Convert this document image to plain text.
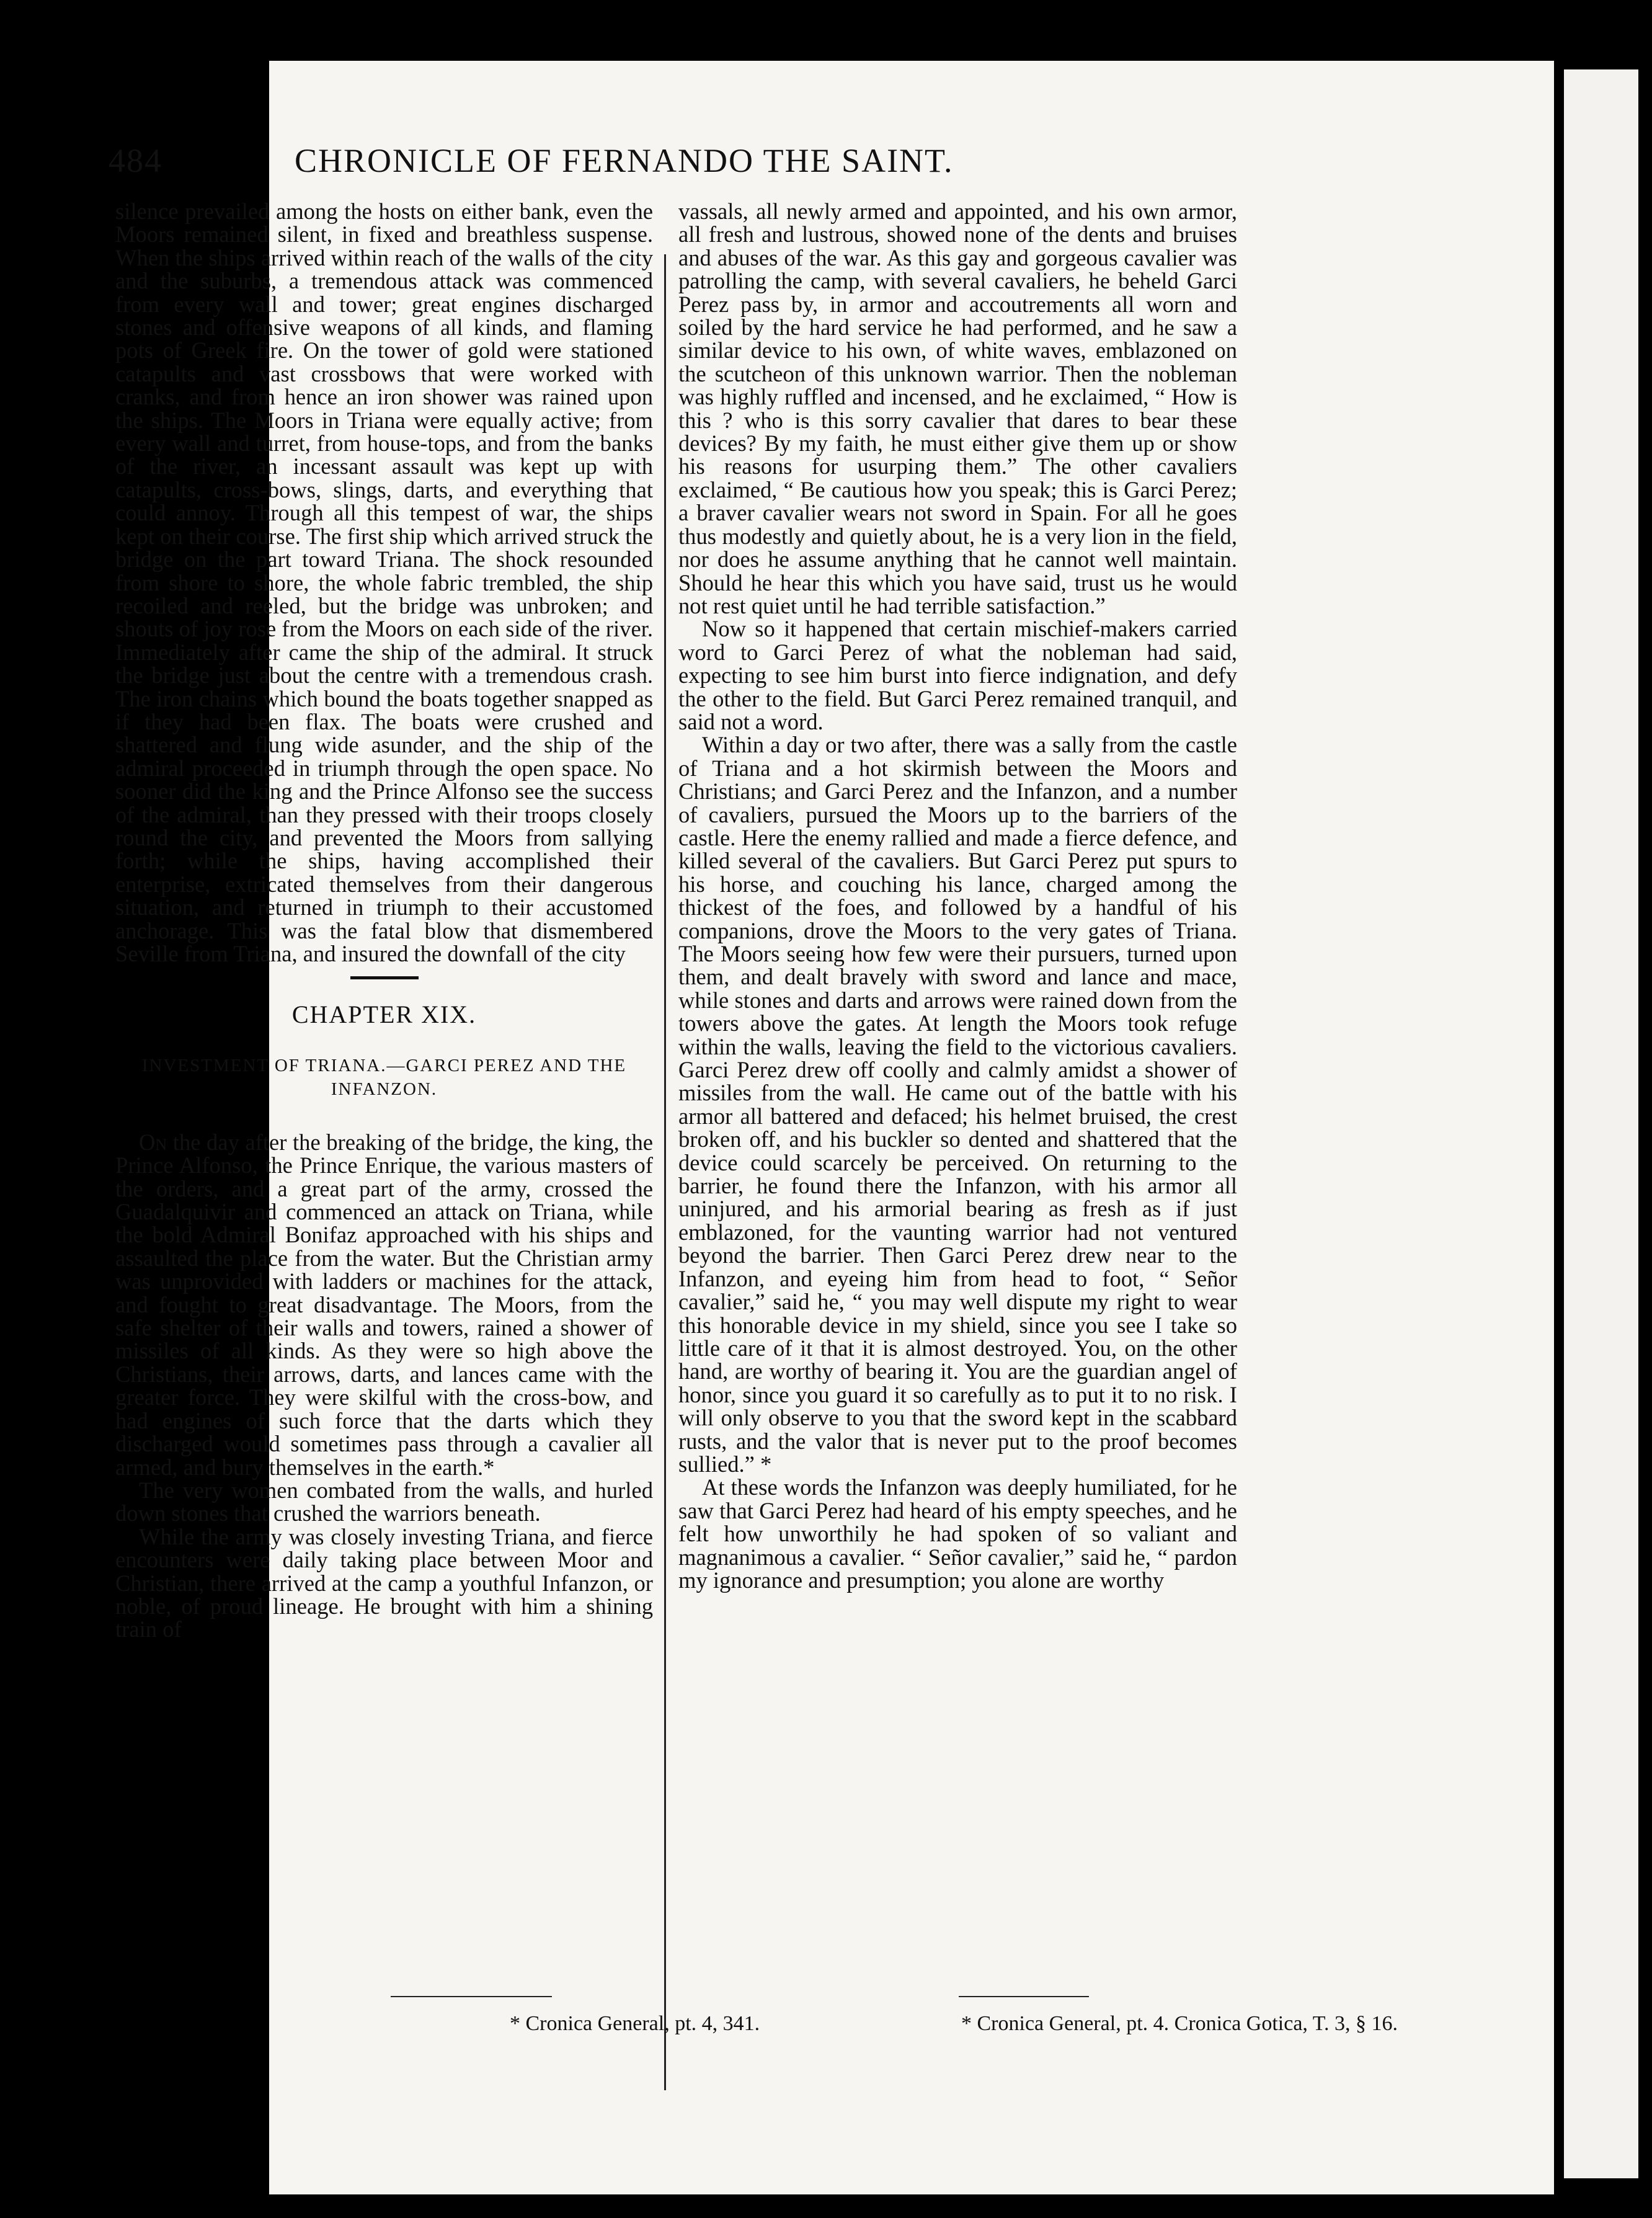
484	CHRONICLE OF FERNANDO THE SAINT.

silence prevailed among the hosts on either bank, even the Moors remained silent, in fixed and breathless suspense. When the ships arrived within reach of the walls of the city and the suburbs, a tremendous attack was commenced from every wall and tower; great engines discharged stones and offensive weapons of all kinds, and flaming pots of Greek fire. On the tower of gold were stationed catapults and vast crossbows that were worked with cranks, and from hence an iron shower was rained upon the ships. The Moors in Triana were equally active; from every wall and turret, from house-tops, and from the banks of the river, an incessant assault was kept up with catapults, cross-bows, slings, darts, and everything that could annoy. Through all this tempest of war, the ships kept on their course. The first ship which arrived struck the bridge on the part toward Triana. The shock resounded from shore to shore, the whole fabric trembled, the ship recoiled and reeled, but the bridge was unbroken; and shouts of joy rose from the Moors on each side of the river. Immediately after came the ship of the admiral. It struck the bridge just about the centre with a tremendous crash. The iron chains which bound the boats together snapped as if they had been flax. The boats were crushed and shattered and flung wide asunder, and the ship of the admiral proceeded in triumph through the open space. No sooner did the king and the Prince Alfonso see the success of the admiral, than they pressed with their troops closely round the city, and prevented the Moors from sallying forth; while the ships, having accomplished their enterprise, extricated themselves from their dangerous situation, and returned in triumph to their accustomed anchorage. This was the fatal blow that dismembered Seville from Triana, and insured the downfall of the city

CHAPTER XIX.
INVESTMENT OF TRIANA.—GARCI PEREZ AND THE INFANZON.

On the day after the breaking of the bridge, the king, the Prince Alfonso, the Prince Enrique, the various masters of the orders, and a great part of the army, crossed the Guadalquivir and commenced an attack on Triana, while the bold Admiral Bonifaz approached with his ships and assaulted the place from the water. But the Christian army was unprovided with ladders or machines for the attack, and fought to great disadvantage. The Moors, from the safe shelter of their walls and towers, rained a shower of missiles of all kinds. As they were so high above the Christians, their arrows, darts, and lances came with the greater force. They were skilful with the cross-bow, and had engines of such force that the darts which they discharged would sometimes pass through a cavalier all armed, and bury themselves in the earth.*

The very women combated from the walls, and hurled down stones that crushed the warriors beneath.

While the army was closely investing Triana, and fierce encounters were daily taking place between Moor and Christian, there arrived at the camp a youthful Infanzon, or noble, of proud lineage. He brought with him a shining train of

vassals, all newly armed and appointed, and his own armor, all fresh and lustrous, showed none of the dents and bruises and abuses of the war. As this gay and gorgeous cavalier was patrolling the camp, with several cavaliers, he beheld Garci Perez pass by, in armor and accoutrements all worn and soiled by the hard service he had performed, and he saw a similar device to his own, of white waves, emblazoned on the scutcheon of this unknown warrior. Then the nobleman was highly ruffled and incensed, and he exclaimed, “ How is this ? who is this sorry cavalier that dares to bear these devices? By my faith, he must either give them up or show his reasons for usurping them.” The other cavaliers exclaimed, “ Be cautious how you speak; this is Garci Perez; a braver cavalier wears not sword in Spain. For all he goes thus modestly and quietly about, he is a very lion in the field, nor does he assume anything that he cannot well maintain. Should he hear this which you have said, trust us he would not rest quiet until he had terrible satisfaction.”

Now so it happened that certain mischief-makers carried word to Garci Perez of what the nobleman had said, expecting to see him burst into fierce indignation, and defy the other to the field. But Garci Perez remained tranquil, and said not a word.

Within a day or two after, there was a sally from the castle of Triana and a hot skirmish between the Moors and Christians; and Garci Perez and the Infanzon, and a number of cavaliers, pursued the Moors up to the barriers of the castle. Here the enemy rallied and made a fierce defence, and killed several of the cavaliers. But Garci Perez put spurs to his horse, and couching his lance, charged among the thickest of the foes, and followed by a handful of his companions, drove the Moors to the very gates of Triana. The Moors seeing how few were their pursuers, turned upon them, and dealt bravely with sword and lance and mace, while stones and darts and arrows were rained down from the towers above the gates. At length the Moors took refuge within the walls, leaving the field to the victorious cavaliers. Garci Perez drew off coolly and calmly amidst a shower of missiles from the wall. He came out of the battle with his armor all battered and defaced; his helmet bruised, the crest broken off, and his buckler so dented and shattered that the device could scarcely be perceived. On returning to the barrier, he found there the Infanzon, with his armor all uninjured, and his armorial bearing as fresh as if just emblazoned, for the vaunting warrior had not ventured beyond the barrier. Then Garci Perez drew near to the Infanzon, and eyeing him from head to foot, “ Señor cavalier,” said he, “ you may well dispute my right to wear this honorable device in my shield, since you see I take so little care of it that it is almost destroyed. You, on the other hand, are worthy of bearing it. You are the guardian angel of honor, since you guard it so carefully as to put it to no risk. I will only observe to you that the sword kept in the scabbard rusts, and the valor that is never put to the proof becomes sullied.” *

At these words the Infanzon was deeply humiliated, for he saw that Garci Perez had heard of his empty speeches, and he felt how unworthily he had spoken of so valiant and magnanimous a cavalier. “ Señor cavalier,” said he, “ pardon my ignorance and presumption; you alone are worthy

* Cronica General, pt. 4, 341.	* Cronica General, pt. 4. Cronica Gotica, T. 3, § 16.
